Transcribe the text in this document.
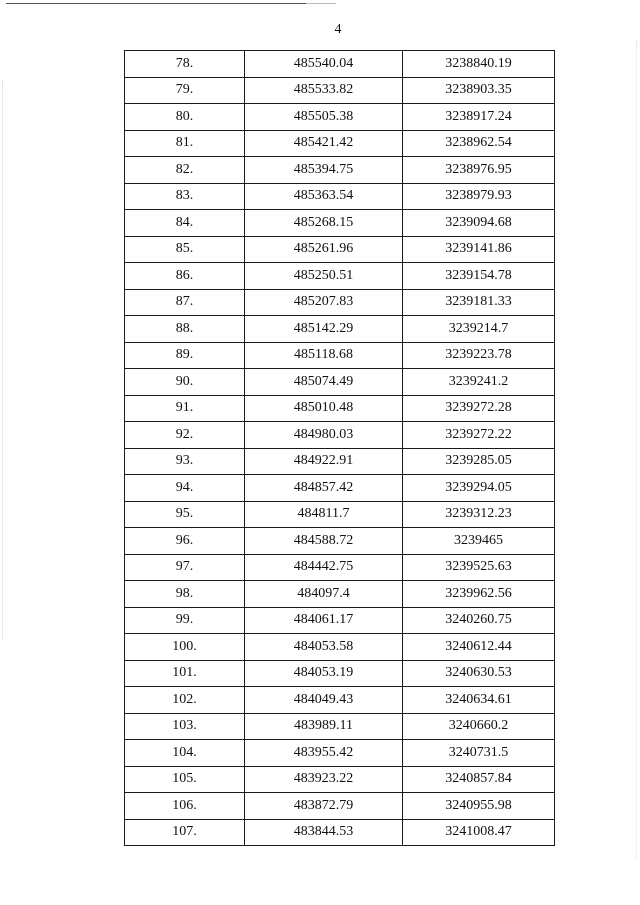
4
78.	485540.04	3238840.19
79.	485533.82	3238903.35
80.	485505.38	3238917.24
81.	485421.42	3238962.54
82.	485394.75	3238976.95
83.	485363.54	3238979.93
84.	485268.15	3239094.68
85.	485261.96	3239141.86
86.	485250.51	3239154.78
87.	485207.83	3239181.33
88.	485142.29	3239214.7
89.	485118.68	3239223.78
90.	485074.49	3239241.2
91.	485010.48	3239272.28
92.	484980.03	3239272.22
93.	484922.91	3239285.05
94.	484857.42	3239294.05
95.	484811.7	3239312.23
96.	484588.72	3239465
97.	484442.75	3239525.63
98.	484097.4	3239962.56
99.	484061.17	3240260.75
100.	484053.58	3240612.44
101.	484053.19	3240630.53
102.	484049.43	3240634.61
103.	483989.11	3240660.2
104.	483955.42	3240731.5
105.	483923.22	3240857.84
106.	483872.79	3240955.98
107.	483844.53	3241008.47
